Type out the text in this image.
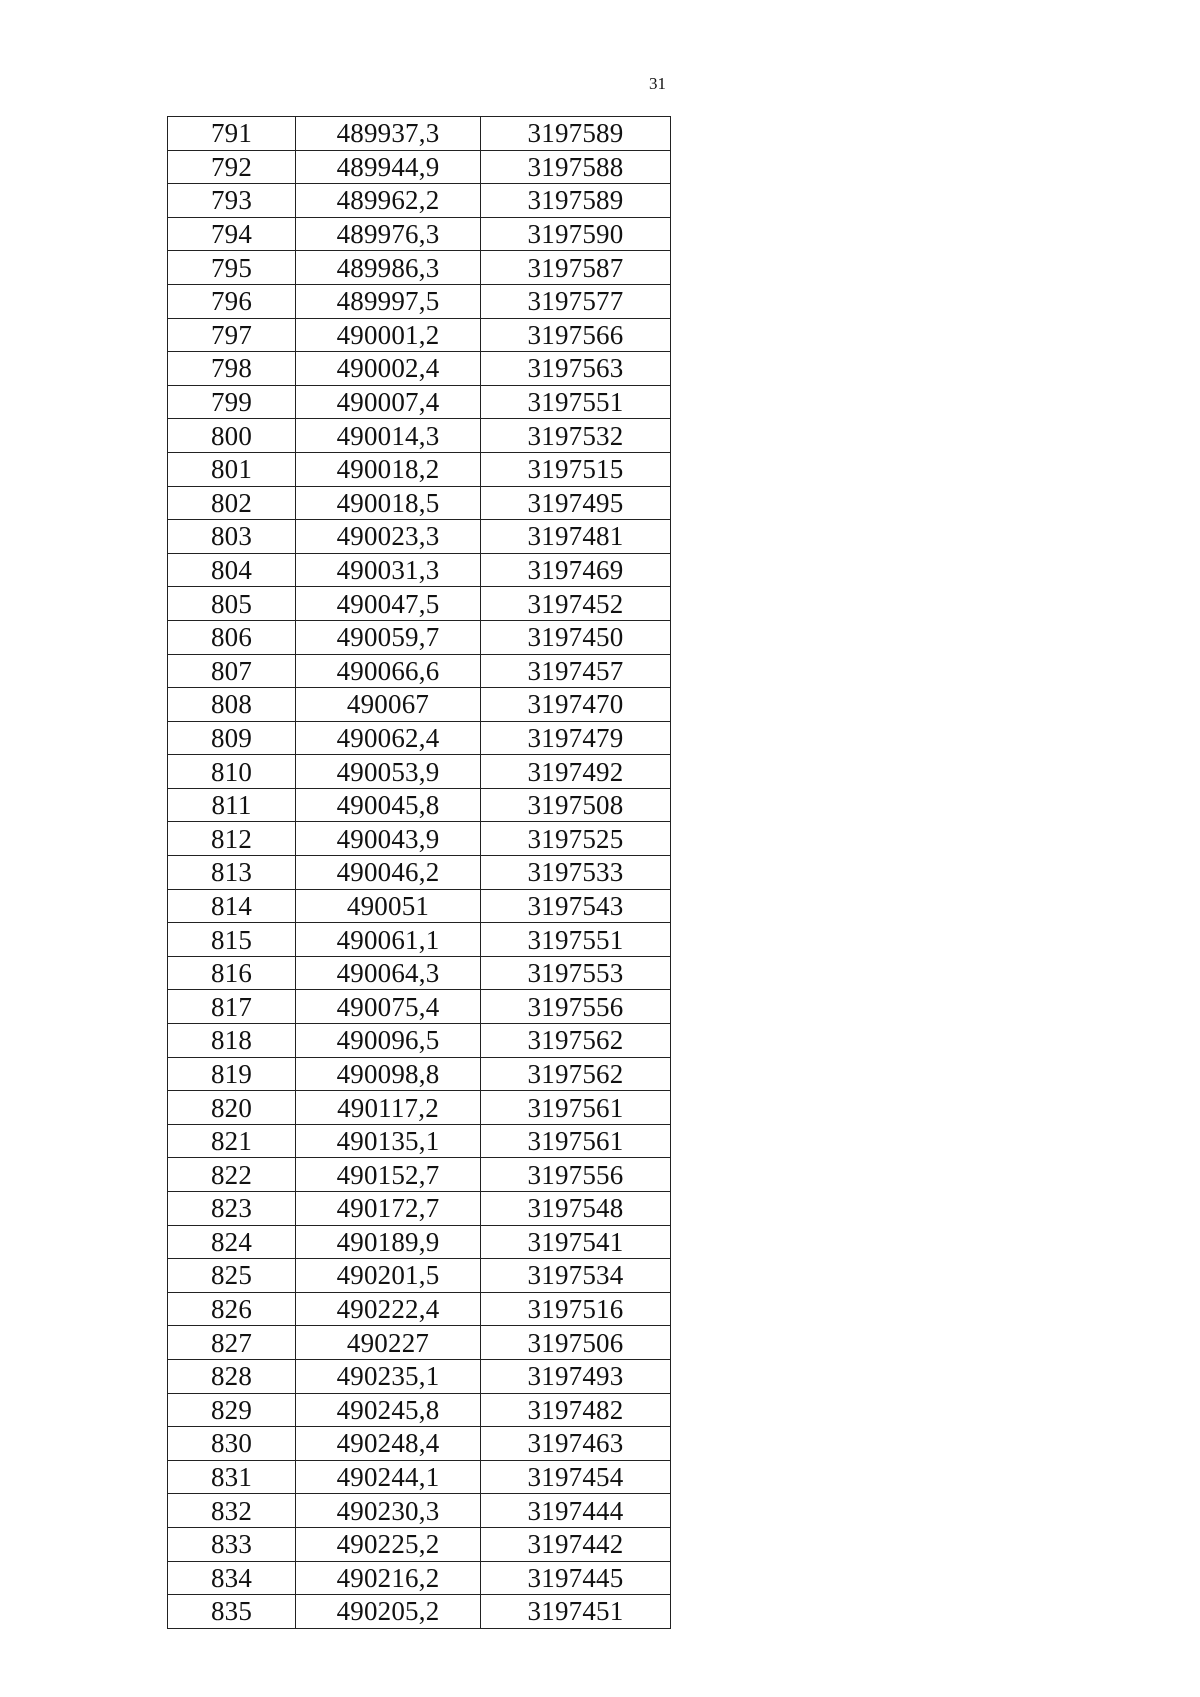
31
791	489937,3	3197589
792	489944,9	3197588
793	489962,2	3197589
794	489976,3	3197590
795	489986,3	3197587
796	489997,5	3197577
797	490001,2	3197566
798	490002,4	3197563
799	490007,4	3197551
800	490014,3	3197532
801	490018,2	3197515
802	490018,5	3197495
803	490023,3	3197481
804	490031,3	3197469
805	490047,5	3197452
806	490059,7	3197450
807	490066,6	3197457
808	490067	3197470
809	490062,4	3197479
810	490053,9	3197492
811	490045,8	3197508
812	490043,9	3197525
813	490046,2	3197533
814	490051	3197543
815	490061,1	3197551
816	490064,3	3197553
817	490075,4	3197556
818	490096,5	3197562
819	490098,8	3197562
820	490117,2	3197561
821	490135,1	3197561
822	490152,7	3197556
823	490172,7	3197548
824	490189,9	3197541
825	490201,5	3197534
826	490222,4	3197516
827	490227	3197506
828	490235,1	3197493
829	490245,8	3197482
830	490248,4	3197463
831	490244,1	3197454
832	490230,3	3197444
833	490225,2	3197442
834	490216,2	3197445
835	490205,2	3197451
